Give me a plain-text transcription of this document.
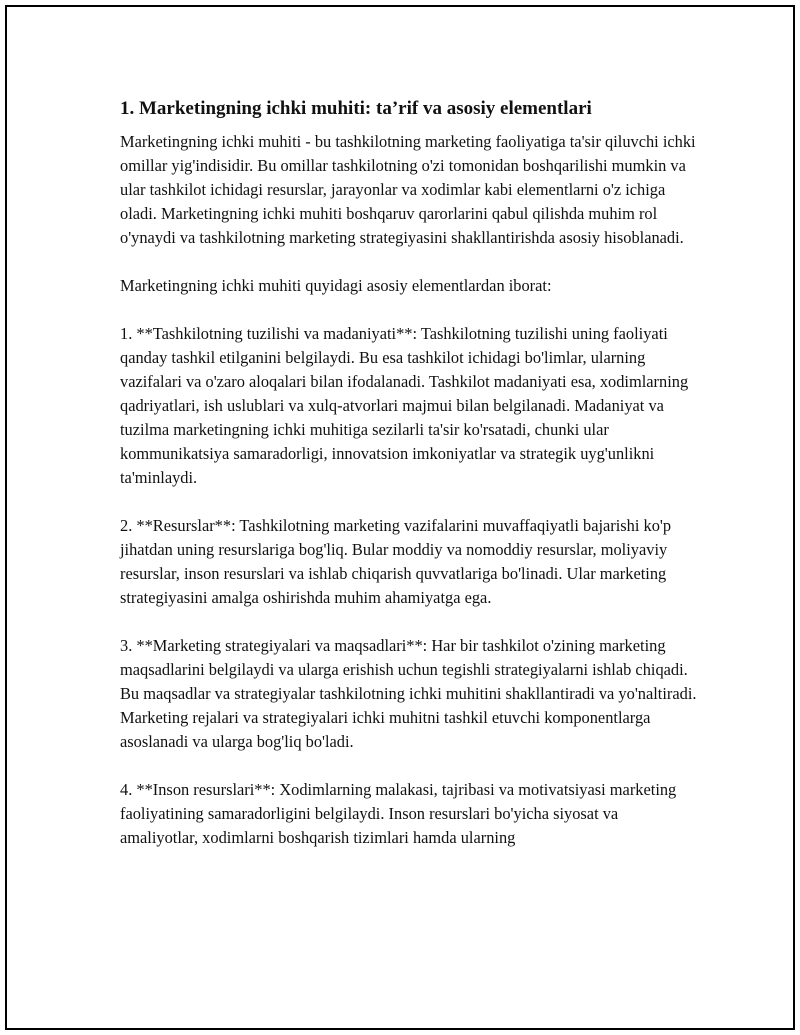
1. Marketingning ichki muhiti: ta’rif va asosiy elementlari

Marketingning ichki muhiti - bu tashkilotning marketing faoliyatiga ta'sir qiluvchi ichki omillar yig'indisidir. Bu omillar tashkilotning o'zi tomonidan boshqarilishi mumkin va ular tashkilot ichidagi resurslar, jarayonlar va xodimlar kabi elementlarni o'z ichiga oladi. Marketingning ichki muhiti boshqaruv qarorlarini qabul qilishda muhim rol o'ynaydi va tashkilotning marketing strategiyasini shakllantirishda asosiy hisoblanadi.

Marketingning ichki muhiti quyidagi asosiy elementlardan iborat:

1. **Tashkilotning tuzilishi va madaniyati**: Tashkilotning tuzilishi uning faoliyati qanday tashkil etilganini belgilaydi. Bu esa tashkilot ichidagi bo'limlar, ularning vazifalari va o'zaro aloqalari bilan ifodalanadi. Tashkilot madaniyati esa, xodimlarning qadriyatlari, ish uslublari va xulq-atvorlari majmui bilan belgilanadi. Madaniyat va tuzilma marketingning ichki muhitiga sezilarli ta'sir ko'rsatadi, chunki ular kommunikatsiya samaradorligi, innovatsion imkoniyatlar va strategik uyg'unlikni ta'minlaydi.

2. **Resurslar**: Tashkilotning marketing vazifalarini muvaffaqiyatli bajarishi ko'p jihatdan uning resurslariga bog'liq. Bular moddiy va nomoddiy resurslar, moliyaviy resurslar, inson resurslari va ishlab chiqarish quvvatlariga bo'linadi. Ular marketing strategiyasini amalga oshirishda muhim ahamiyatga ega.

3. **Marketing strategiyalari va maqsadlari**: Har bir tashkilot o'zining marketing maqsadlarini belgilaydi va ularga erishish uchun tegishli strategiyalarni ishlab chiqadi. Bu maqsadlar va strategiyalar tashkilotning ichki muhitini shakllantiradi va yo'naltiradi. Marketing rejalari va strategiyalari ichki muhitni tashkil etuvchi komponentlarga asoslanadi va ularga bog'liq bo'ladi.

4. **Inson resurslari**: Xodimlarning malakasi, tajribasi va motivatsiyasi marketing faoliyatining samaradorligini belgilaydi. Inson resurslari bo'yicha siyosat va amaliyotlar, xodimlarni boshqarish tizimlari hamda ularning
